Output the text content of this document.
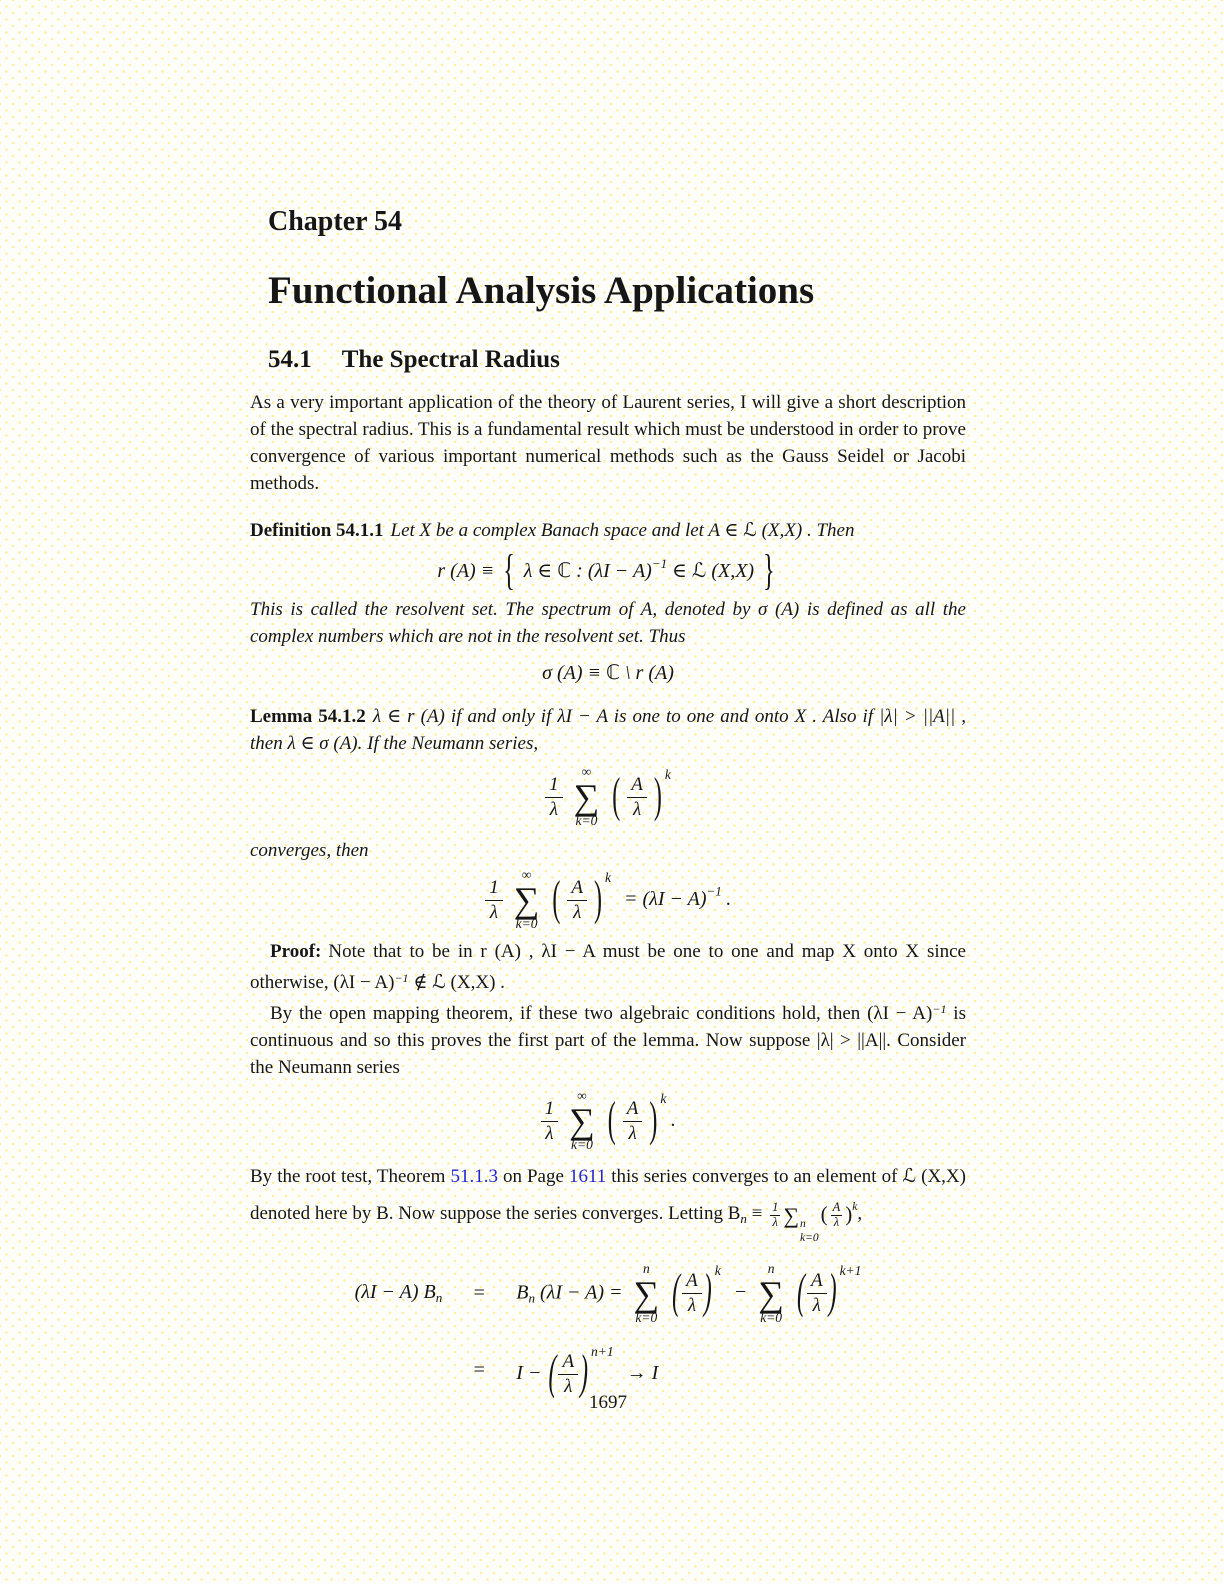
Chapter 54
Functional Analysis Applications
54.1 The Spectral Radius

As a very important application of the theory of Laurent series, I will give a short description of the spectral radius. This is a fundamental result which must be understood in order to prove convergence of various important numerical methods such as the Gauss Seidel or Jacobi methods.

Definition 54.1.1 Let X be a complex Banach space and let A ∈ ℒ (X,X) . Then

r (A) ≡ { λ ∈ ℂ : $(\lambda I - A)^{-1}$ ∈ ℒ (X,X) }

This is called the resolvent set. The spectrum of A, denoted by σ (A) is defined as all the complex numbers which are not in the resolvent set. Thus

σ (A) ≡ ℂ \ r (A)

Lemma 54.1.2 λ ∈ r (A) if and only if λI − A is one to one and onto X . Also if |λ| > ||A|| , then λ ∈ σ (A). If the Neumann series,

$\frac{1}{\lambda}$

∞
∑
k=0 ( $\frac{A}{\lambda}$ ) $^k$

converges, then

$\frac{1}{\lambda}$

∞
∑
k=0 ( $\frac{A}{\lambda}$ ) $^k = (\lambda I - A)^{-1}$ .

Proof: Note that to be in r (A) , λI − A must be one to one and map X onto X since otherwise, $(\lambda I - A)^{-1}$ ∉ ℒ (X,X) .

By the open mapping theorem, if these two algebraic conditions hold, then $(\lambda I - A)^{-1}$ is continuous and so this proves the first part of the lemma. Now suppose |λ| > ||A||. Consider the Neumann series

$\frac{1}{\lambda}$

∞
∑
k=0 ( $\frac{A}{\lambda}$ ) $^k$.

By the root test, Theorem 51.1.3 on Page 1611 this series converges to an element of ℒ (X,X) denoted here by B. Now suppose the series converges. Letting $B_n \equiv \frac{1}{\lambda}$ ∑ n
k=0
( $\frac{A}{\lambda} )^k$,

(λI − A) $B_n = B_n$ (λI − A) =
n
∑
k=0 ( $\frac{A}{\lambda}$ ) $^k$ −
n
∑
k=0 ( $\frac{A}{\lambda}$ ) $^{k+1}$
= I − ( $\frac{A}{\lambda}$ ) $^{n+1}$ → I
1697
